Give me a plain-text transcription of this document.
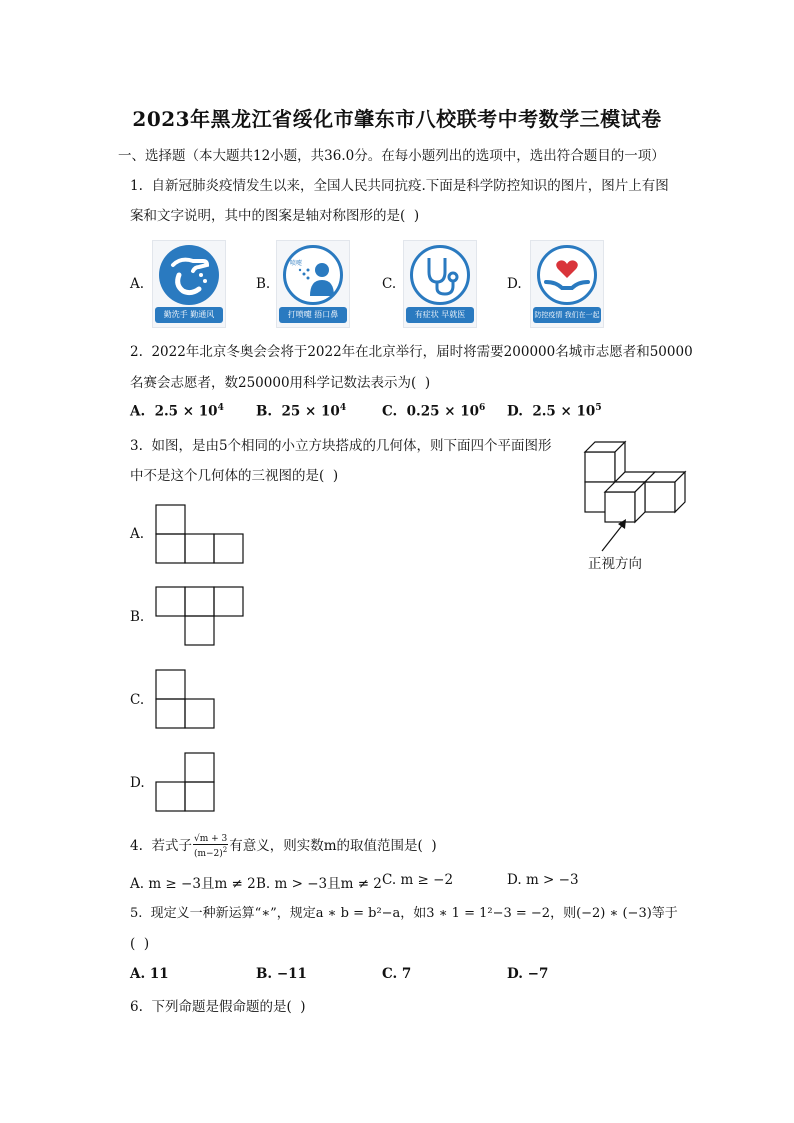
2023年黑龙江省绥化市肇东市八校联考中考数学三模试卷
一、选择题（本大题共12小题，共36.0分。在每小题列出的选项中，选出符合题目的一项）
1.  自新冠肺炎疫情发生以来，全国人民共同抗疫.下面是科学防控知识的图片，图片上有图
案和文字说明，其中的图案是轴对称图形的是(  )
A.
勤洗手 勤通风
B.
喷嚏
打喷嚏 捂口鼻
C.
有症状 早就医
D.
防控疫情 我们在一起
2.  2022年北京冬奥会会将于2022年在北京举行，届时将需要200000名城市志愿者和50000
名赛会志愿者，数250000用科学记数法表示为(  )
A. $2.5 \times 10^4$ B. $25 \times 10^4$	C. $0.25 \times 10^6$ D. $2.5 \times 10^5$
3.  如图，是由5个相同的小立方块搭成的几何体，则下面四个平面图形
中不是这个几何体的三视图的是(  )
正视方向
A.
B.
C.
D.
4.  若式子 $\frac{√m + 3}{(m-2)^2}$ 有意义，则实数m的取值范围是(  )
A. m ≥ −3且m ≠ 2 B. m > −3且m ≠ 2 C. m ≥ −2	D. m > −3
5.  现定义一种新运算“∗”，规定a ∗ b = b²−a，如3 ∗ 1 = 1²−3 = −2，则(−2) ∗ (−3)等于
(  )
A. 11	B. −11	C. 7	D. −7
6.  下列命题是假命题的是(  )
